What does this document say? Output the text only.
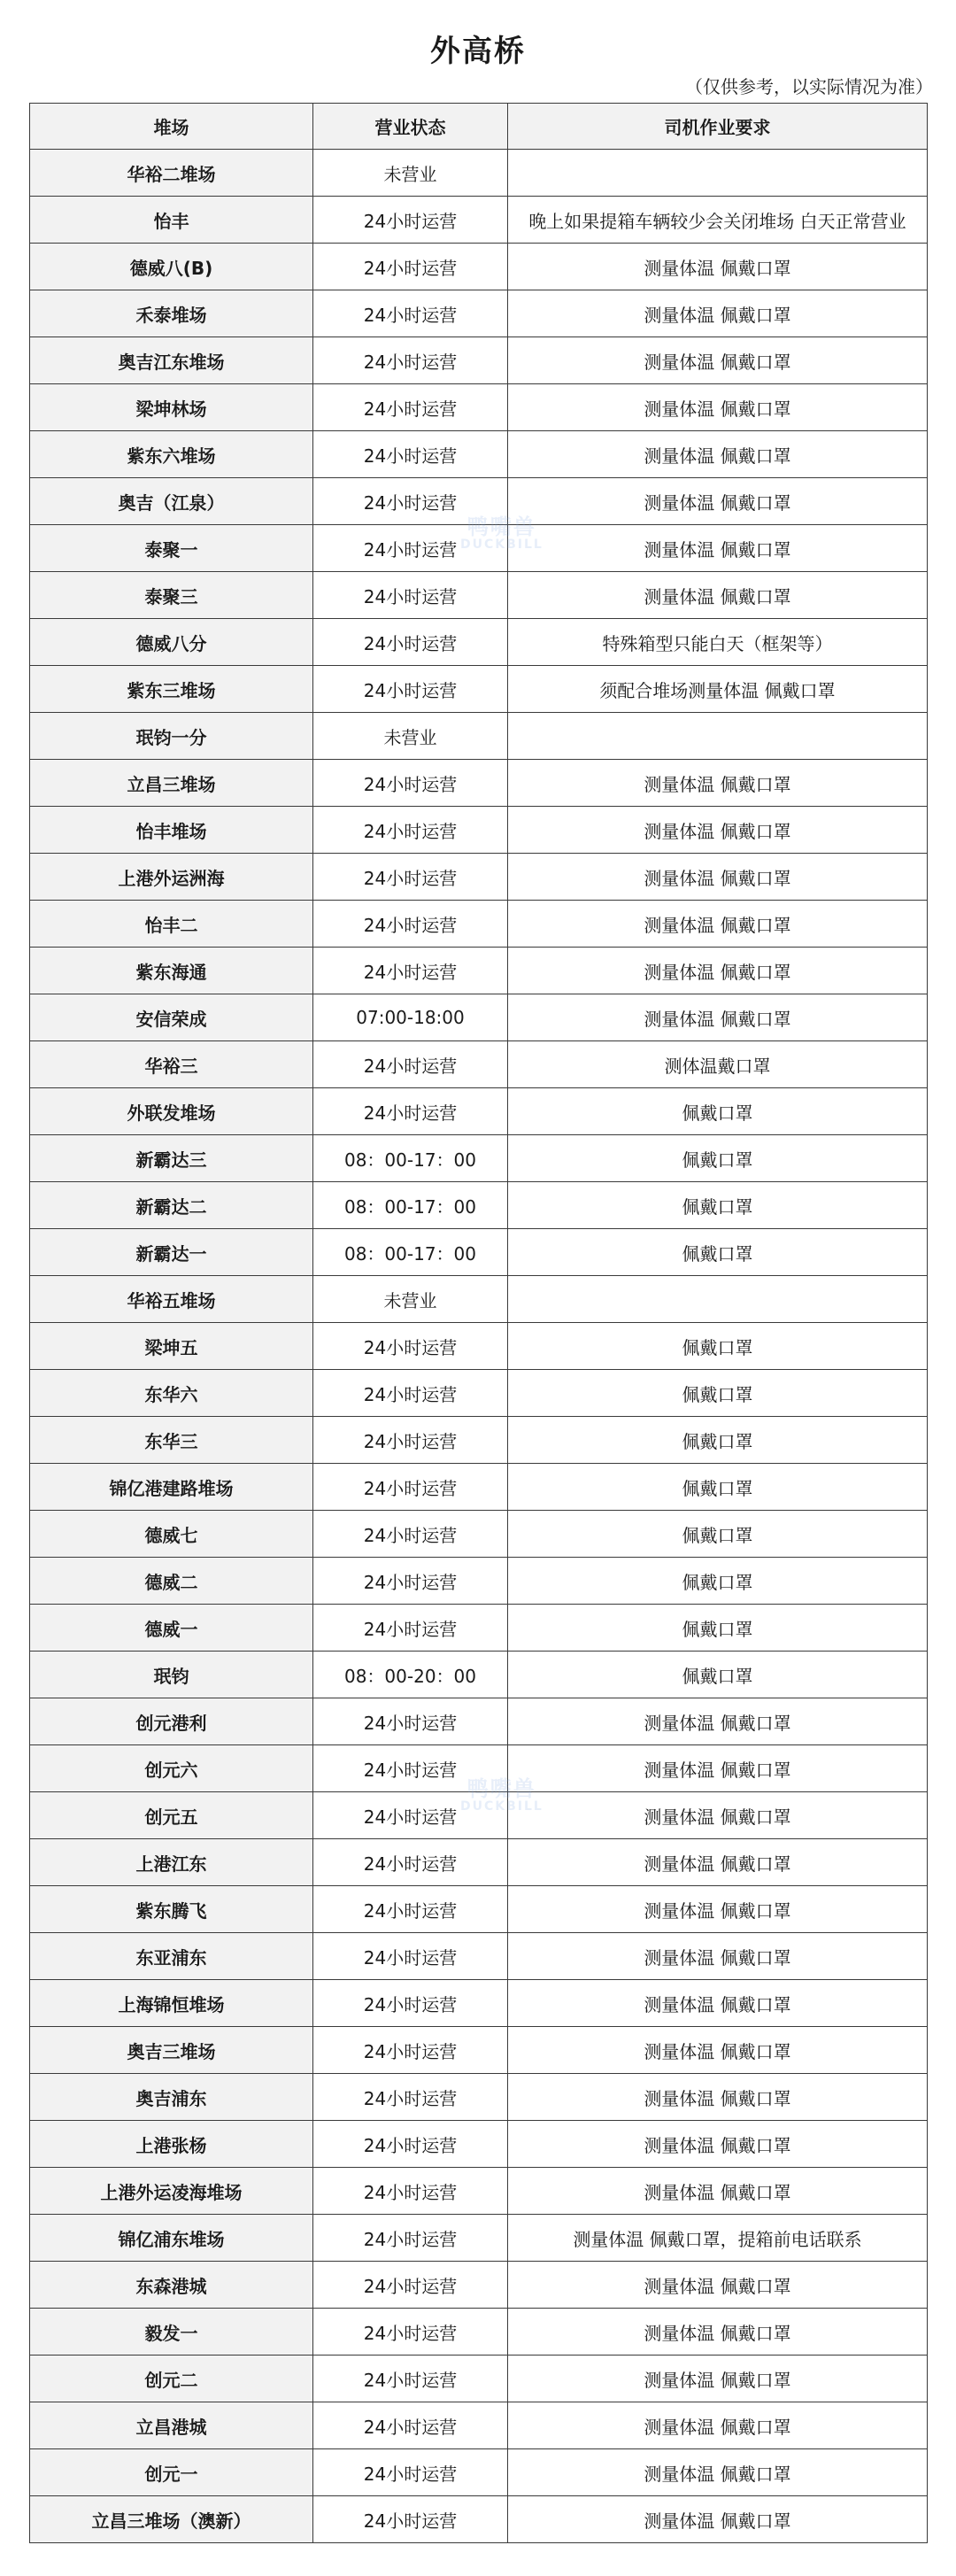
外高桥
（仅供参考，以实际情况为准）
堆场	营业状态	司机作业要求
华裕二堆场	未营业	
怡丰	24小时运营	晚上如果提箱车辆较少会关闭堆场 白天正常营业
德威八(B)	24小时运营	测量体温 佩戴口罩
禾泰堆场	24小时运营	测量体温 佩戴口罩
奥吉江东堆场	24小时运营	测量体温 佩戴口罩
梁坤林场	24小时运营	测量体温 佩戴口罩
紫东六堆场	24小时运营	测量体温 佩戴口罩
奥吉（江泉）	24小时运营	测量体温 佩戴口罩
泰聚一	24小时运营	测量体温 佩戴口罩
泰聚三	24小时运营	测量体温 佩戴口罩
德威八分	24小时运营	特殊箱型只能白天（框架等）
紫东三堆场	24小时运营	须配合堆场测量体温 佩戴口罩
珉钧一分	未营业	
立昌三堆场	24小时运营	测量体温 佩戴口罩
怡丰堆场	24小时运营	测量体温 佩戴口罩
上港外运洲海	24小时运营	测量体温 佩戴口罩
怡丰二	24小时运营	测量体温 佩戴口罩
紫东海通	24小时运营	测量体温 佩戴口罩
安信荣成	07:00-18:00	测量体温 佩戴口罩
华裕三	24小时运营	测体温戴口罩
外联发堆场	24小时运营	佩戴口罩
新霸达三	08：00-17：00	佩戴口罩
新霸达二	08：00-17：00	佩戴口罩
新霸达一	08：00-17：00	佩戴口罩
华裕五堆场	未营业	
梁坤五	24小时运营	佩戴口罩
东华六	24小时运营	佩戴口罩
东华三	24小时运营	佩戴口罩
锦亿港建路堆场	24小时运营	佩戴口罩
德威七	24小时运营	佩戴口罩
德威二	24小时运营	佩戴口罩
德威一	24小时运营	佩戴口罩
珉钧	08：00-20：00	佩戴口罩
创元港利	24小时运营	测量体温 佩戴口罩
创元六	24小时运营	测量体温 佩戴口罩
创元五	24小时运营	测量体温 佩戴口罩
上港江东	24小时运营	测量体温 佩戴口罩
紫东腾飞	24小时运营	测量体温 佩戴口罩
东亚浦东	24小时运营	测量体温 佩戴口罩
上海锦恒堆场	24小时运营	测量体温 佩戴口罩
奥吉三堆场	24小时运营	测量体温 佩戴口罩
奥吉浦东	24小时运营	测量体温 佩戴口罩
上港张杨	24小时运营	测量体温 佩戴口罩
上港外运凌海堆场	24小时运营	测量体温 佩戴口罩
锦亿浦东堆场	24小时运营	测量体温 佩戴口罩，提箱前电话联系
东森港城	24小时运营	测量体温 佩戴口罩
毅发一	24小时运营	测量体温 佩戴口罩
创元二	24小时运营	测量体温 佩戴口罩
立昌港城	24小时运营	测量体温 佩戴口罩
创元一	24小时运营	测量体温 佩戴口罩
立昌三堆场（澳新）	24小时运营	测量体温 佩戴口罩
